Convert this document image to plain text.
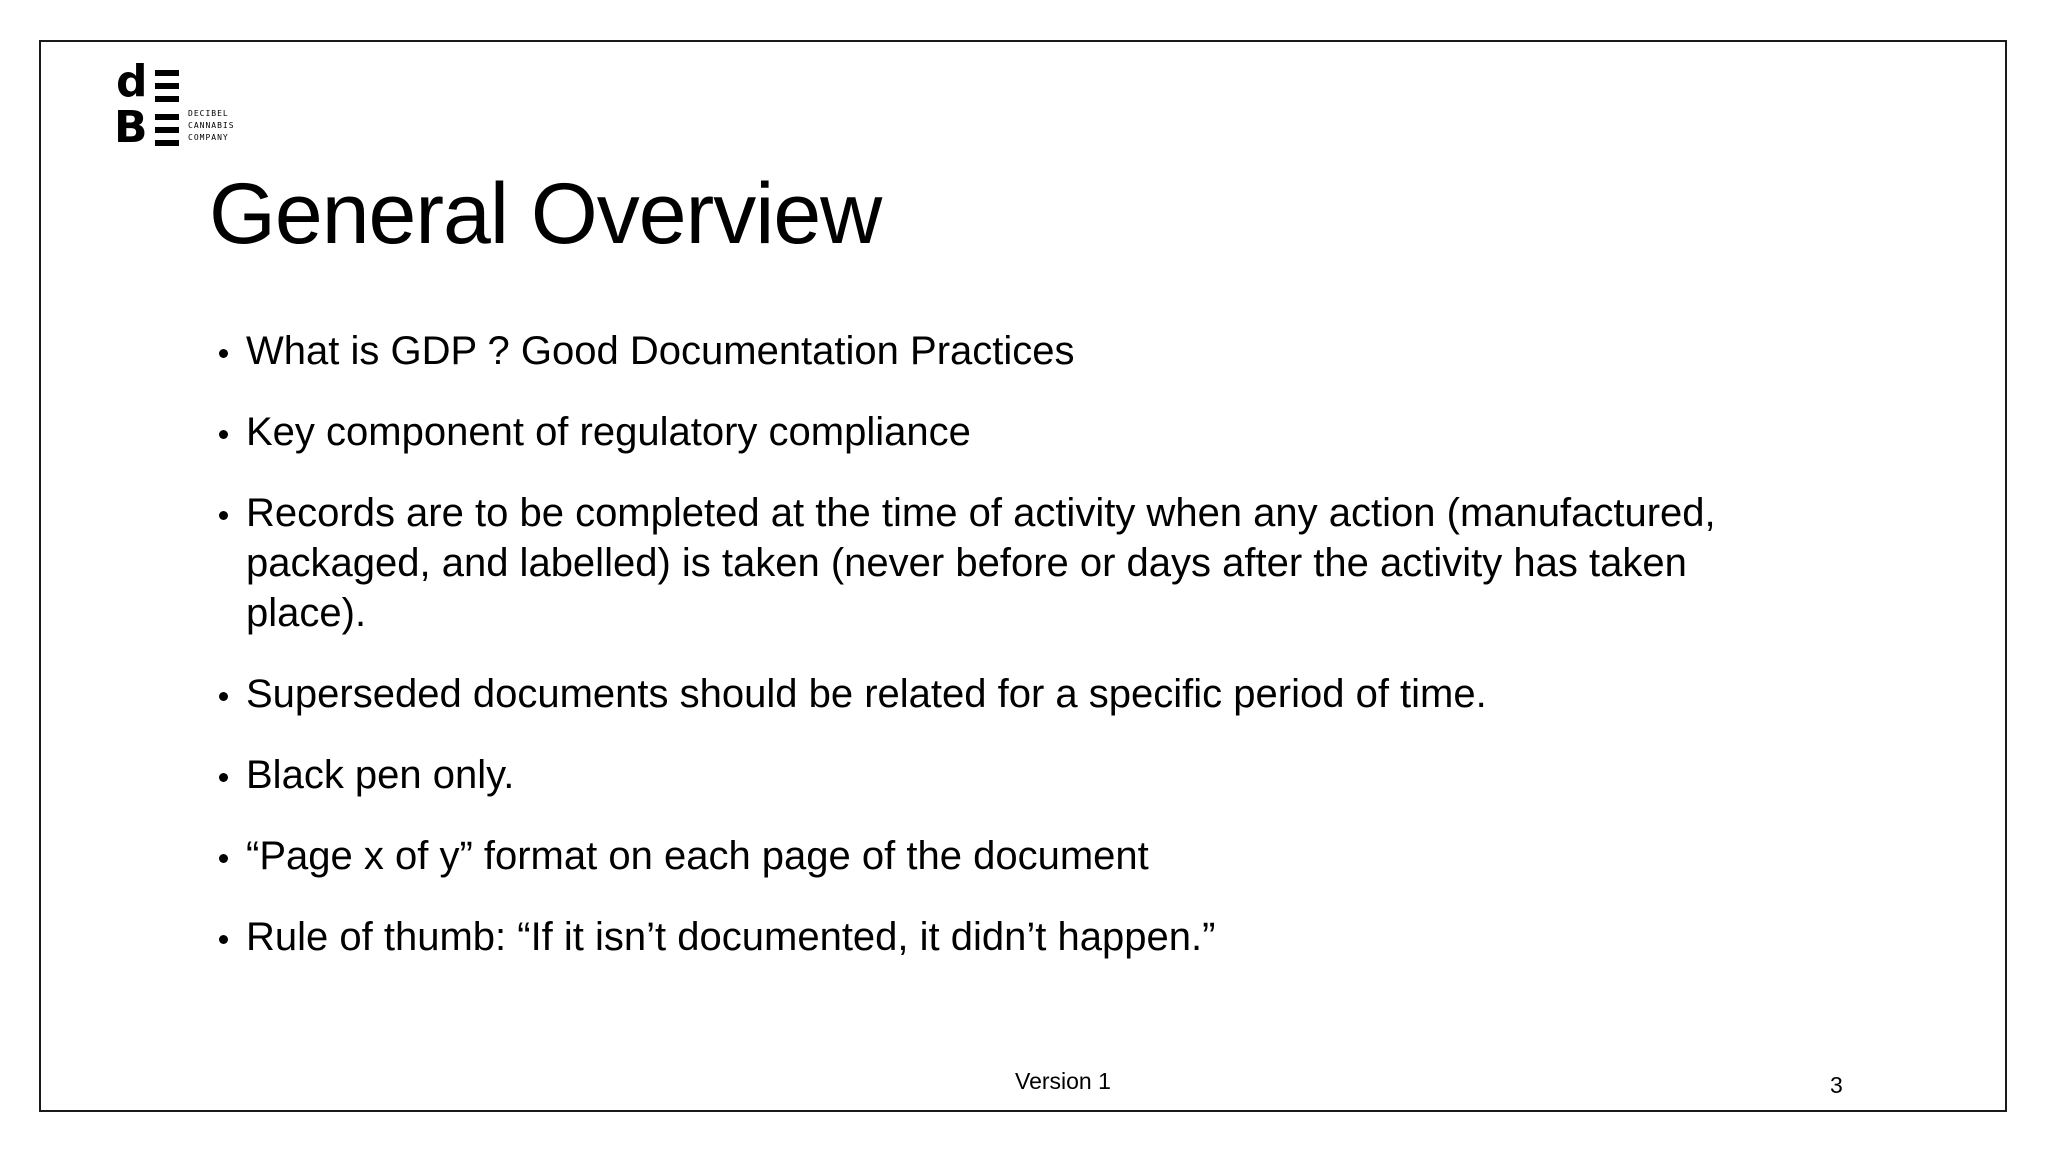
d
B	DECIBEL
CANNABIS
COMPANY
General Overview
What is GDP ? Good Documentation Practices
Key component of regulatory compliance
Records are to be completed at the time of activity when any action (manufactured, packaged, and labelled) is taken (never before or days after the activity has taken place).
Superseded documents should be related for a specific period of time.
Black pen only.
“Page x of y” format on each page of the document
Rule of thumb: “If it isn’t documented, it didn’t happen.”
Version 1	3
